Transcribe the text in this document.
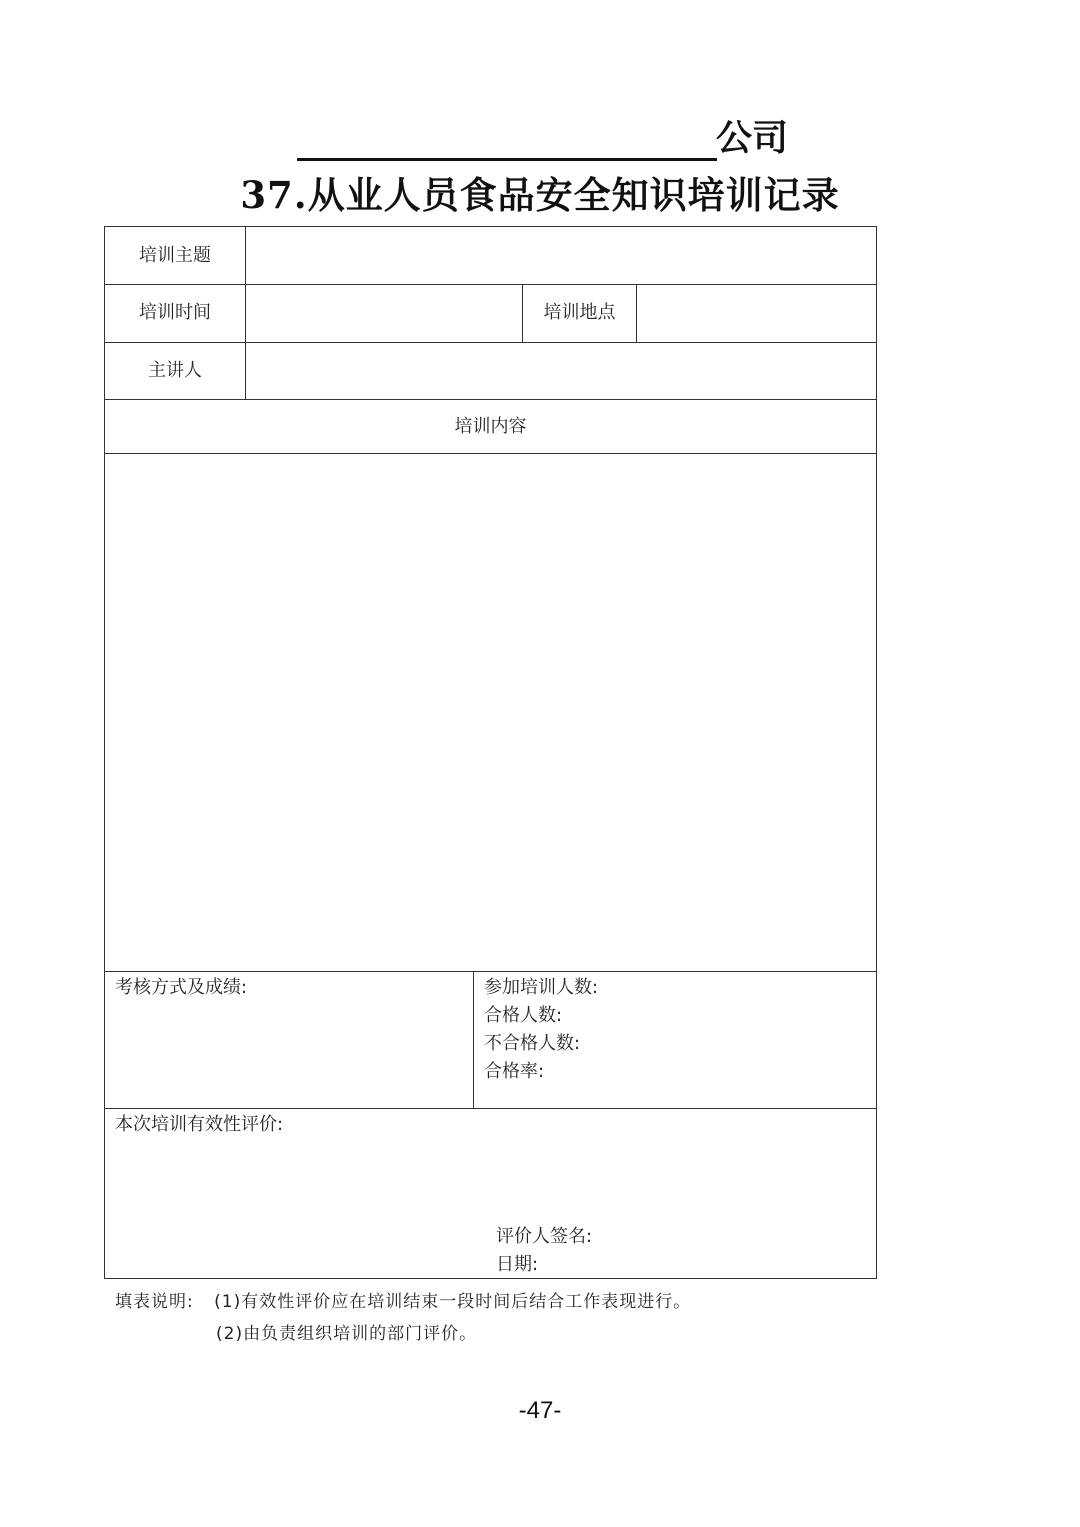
公司
37.从业人员食品安全知识培训记录
培训主题
培训时间	培训地点
主讲人
培训内容
考核方式及成绩:	参加培训人数:
合格人数:
不合格人数:
合格率:
本次培训有效性评价:
评价人签名:
日期:
填表说明: (1)有效性评价应在培训结束一段时间后结合工作表现进行。
(2)由负责组织培训的部门评价。
-47-
